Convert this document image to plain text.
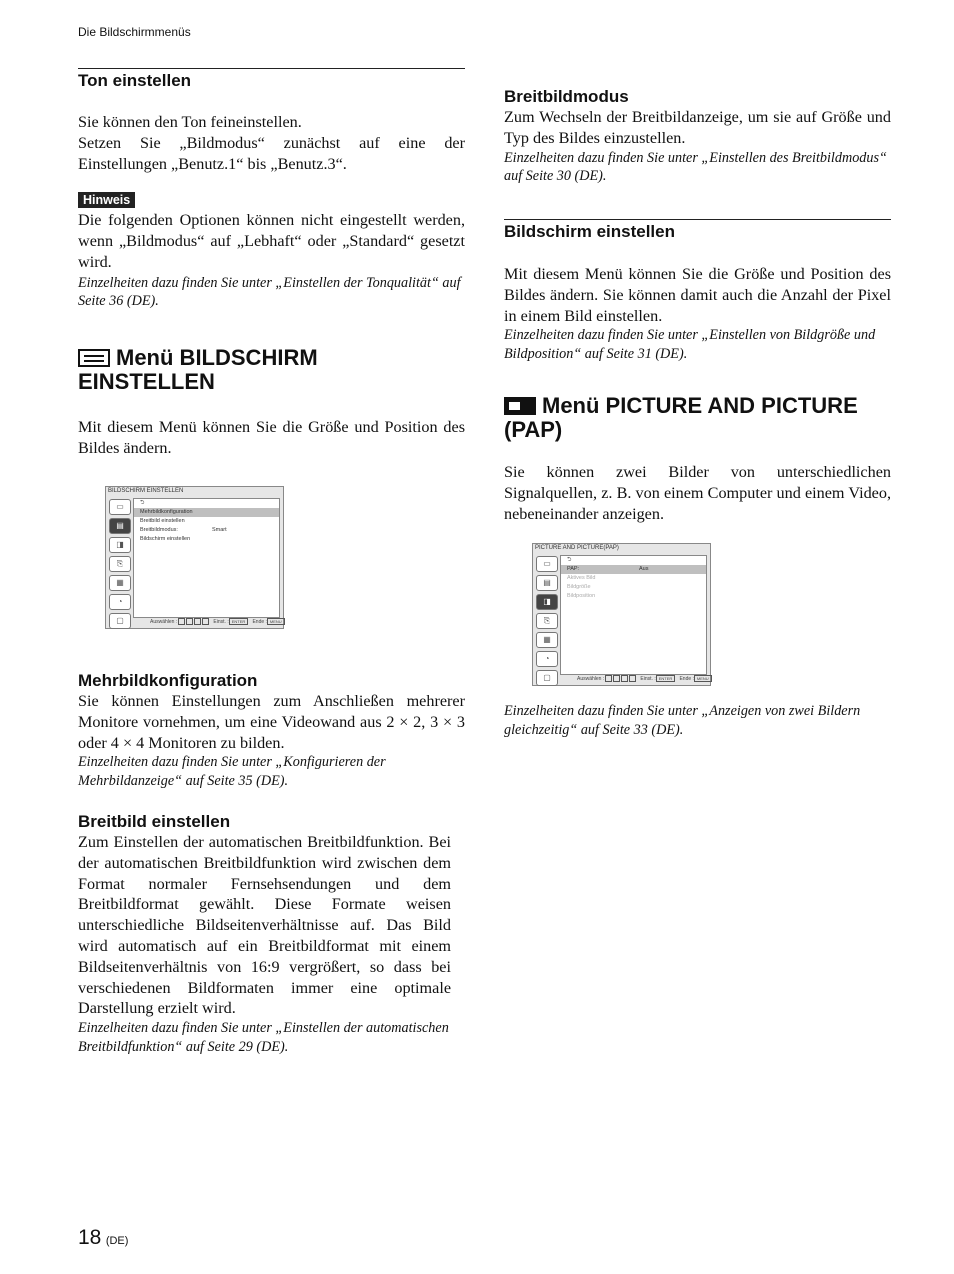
Die Bildschirmmenüs
Ton einstellen

Sie können den Ton feineinstellen.

Setzen Sie „Bildmodus“ zunächst auf eine der Einstellungen „Benutz.1“ bis „Benutz.3“.

Hinweis

Die folgenden Optionen können nicht eingestellt werden, wenn „Bildmodus“ auf „Lebhaft“ oder „Standard“ gesetzt wird.

Einzelheiten dazu finden Sie unter „Einstellen der Tonqualität“ auf Seite 36 (DE).

Menü BILDSCHIRM
EINSTELLEN

Mit diesem Menü können Sie die Größe und Position des Bildes ändern.

BILDSCHIRM EINSTELLEN
▭
▤
◨
⎘
▦
◔
▢
⮌
Mehrbildkonfiguration
Breitbild einstellen
Breitbildmodus:	Smart
Bildschirm einstellen
Auswählen :	Einst. : ENTER Ende : MENU
Mehrbildkonfiguration

Sie können Einstellungen zum Anschließen mehrerer Monitore vornehmen, um eine Videowand aus 2 × 2, 3 × 3 oder 4 × 4 Monitoren zu bilden.

Einzelheiten dazu finden Sie unter „Konfigurieren der Mehrbildanzeige“ auf Seite 35 (DE).

Breitbild einstellen

Zum Einstellen der automatischen Breitbildfunktion. Bei der automatischen Breitbildfunktion wird zwischen dem Format normaler Fernsehsendungen und dem Breitbildformat gewählt. Diese Formate weisen unterschiedliche Bildseitenverhältnisse auf. Das Bild wird automatisch auf ein Breitbildformat mit einem Bildseitenverhältnis von 16:9 vergrößert, so dass bei verschiedenen Bildformaten immer eine optimale Darstellung erzielt wird.

Einzelheiten dazu finden Sie unter „Einstellen der automatischen Breitbildfunktion“ auf Seite 29 (DE).

Breitbildmodus

Zum Wechseln der Breitbildanzeige, um sie auf Größe und Typ des Bildes einzustellen.

Einzelheiten dazu finden Sie unter „Einstellen des Breitbildmodus“ auf Seite 30 (DE).

Bildschirm einstellen

Mit diesem Menü können Sie die Größe und Position des Bildes ändern. Sie können damit auch die Anzahl der Pixel in einem Bild einstellen.

Einzelheiten dazu finden Sie unter „Einstellen von Bildgröße und Bildposition“ auf Seite 31 (DE).

Menü PICTURE AND PICTURE
(PAP)

Sie können zwei Bilder von unterschiedlichen Signalquellen, z. B. von einem Computer und einem Video, nebeneinander anzeigen.

PICTURE AND PICTURE(PAP)
▭
▤
◨
⎘
▦
◔
▢
⮌
PAP:	Aus
Aktives Bild
Bildgröße
Bildposition
Auswählen :	Einst. : ENTER Ende : MENU

Einzelheiten dazu finden Sie unter „Anzeigen von zwei Bildern gleichzeitig“ auf Seite 33 (DE).

18 (DE)
